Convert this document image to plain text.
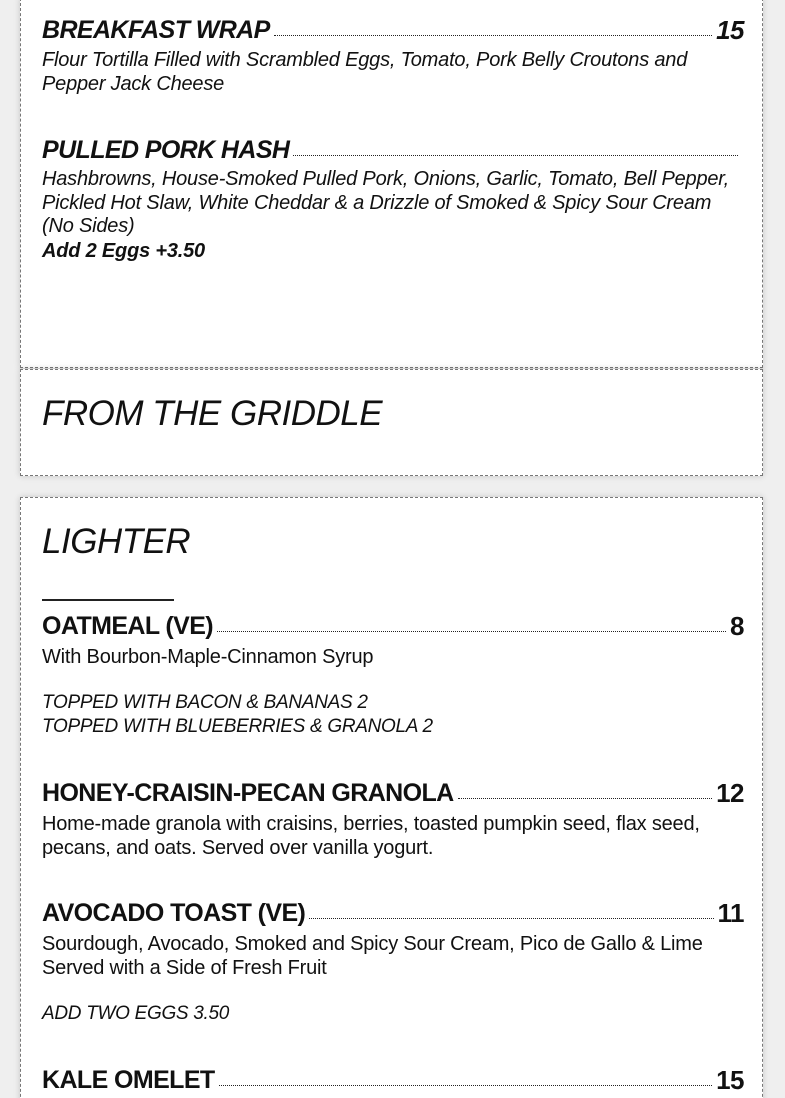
BREAKFAST WRAP	15
Flour Tortilla Filled with Scrambled Eggs, Tomato, Pork Belly Croutons and Pepper Jack Cheese
PULLED PORK HASH
Hashbrowns, House-Smoked Pulled Pork, Onions, Garlic, Tomato, Bell Pepper, Pickled Hot Slaw, White Cheddar & a Drizzle of Smoked & Spicy Sour Cream (No Sides)
Add 2 Eggs +3.50
FROM THE GRIDDLE
LIGHTER
OATMEAL (VE)	8
With Bourbon-Maple-Cinnamon Syrup
TOPPED WITH BACON & BANANAS 2
TOPPED WITH BLUEBERRIES & GRANOLA 2
HONEY-CRAISIN-PECAN GRANOLA	12
Home-made granola with craisins, berries, toasted pumpkin seed, flax seed, pecans, and oats. Served over vanilla yogurt.
AVOCADO TOAST (VE)	11
Sourdough, Avocado, Smoked and Spicy Sour Cream, Pico de Gallo & Lime Served with a Side of Fresh Fruit
ADD TWO EGGS 3.50
KALE OMELET	15
